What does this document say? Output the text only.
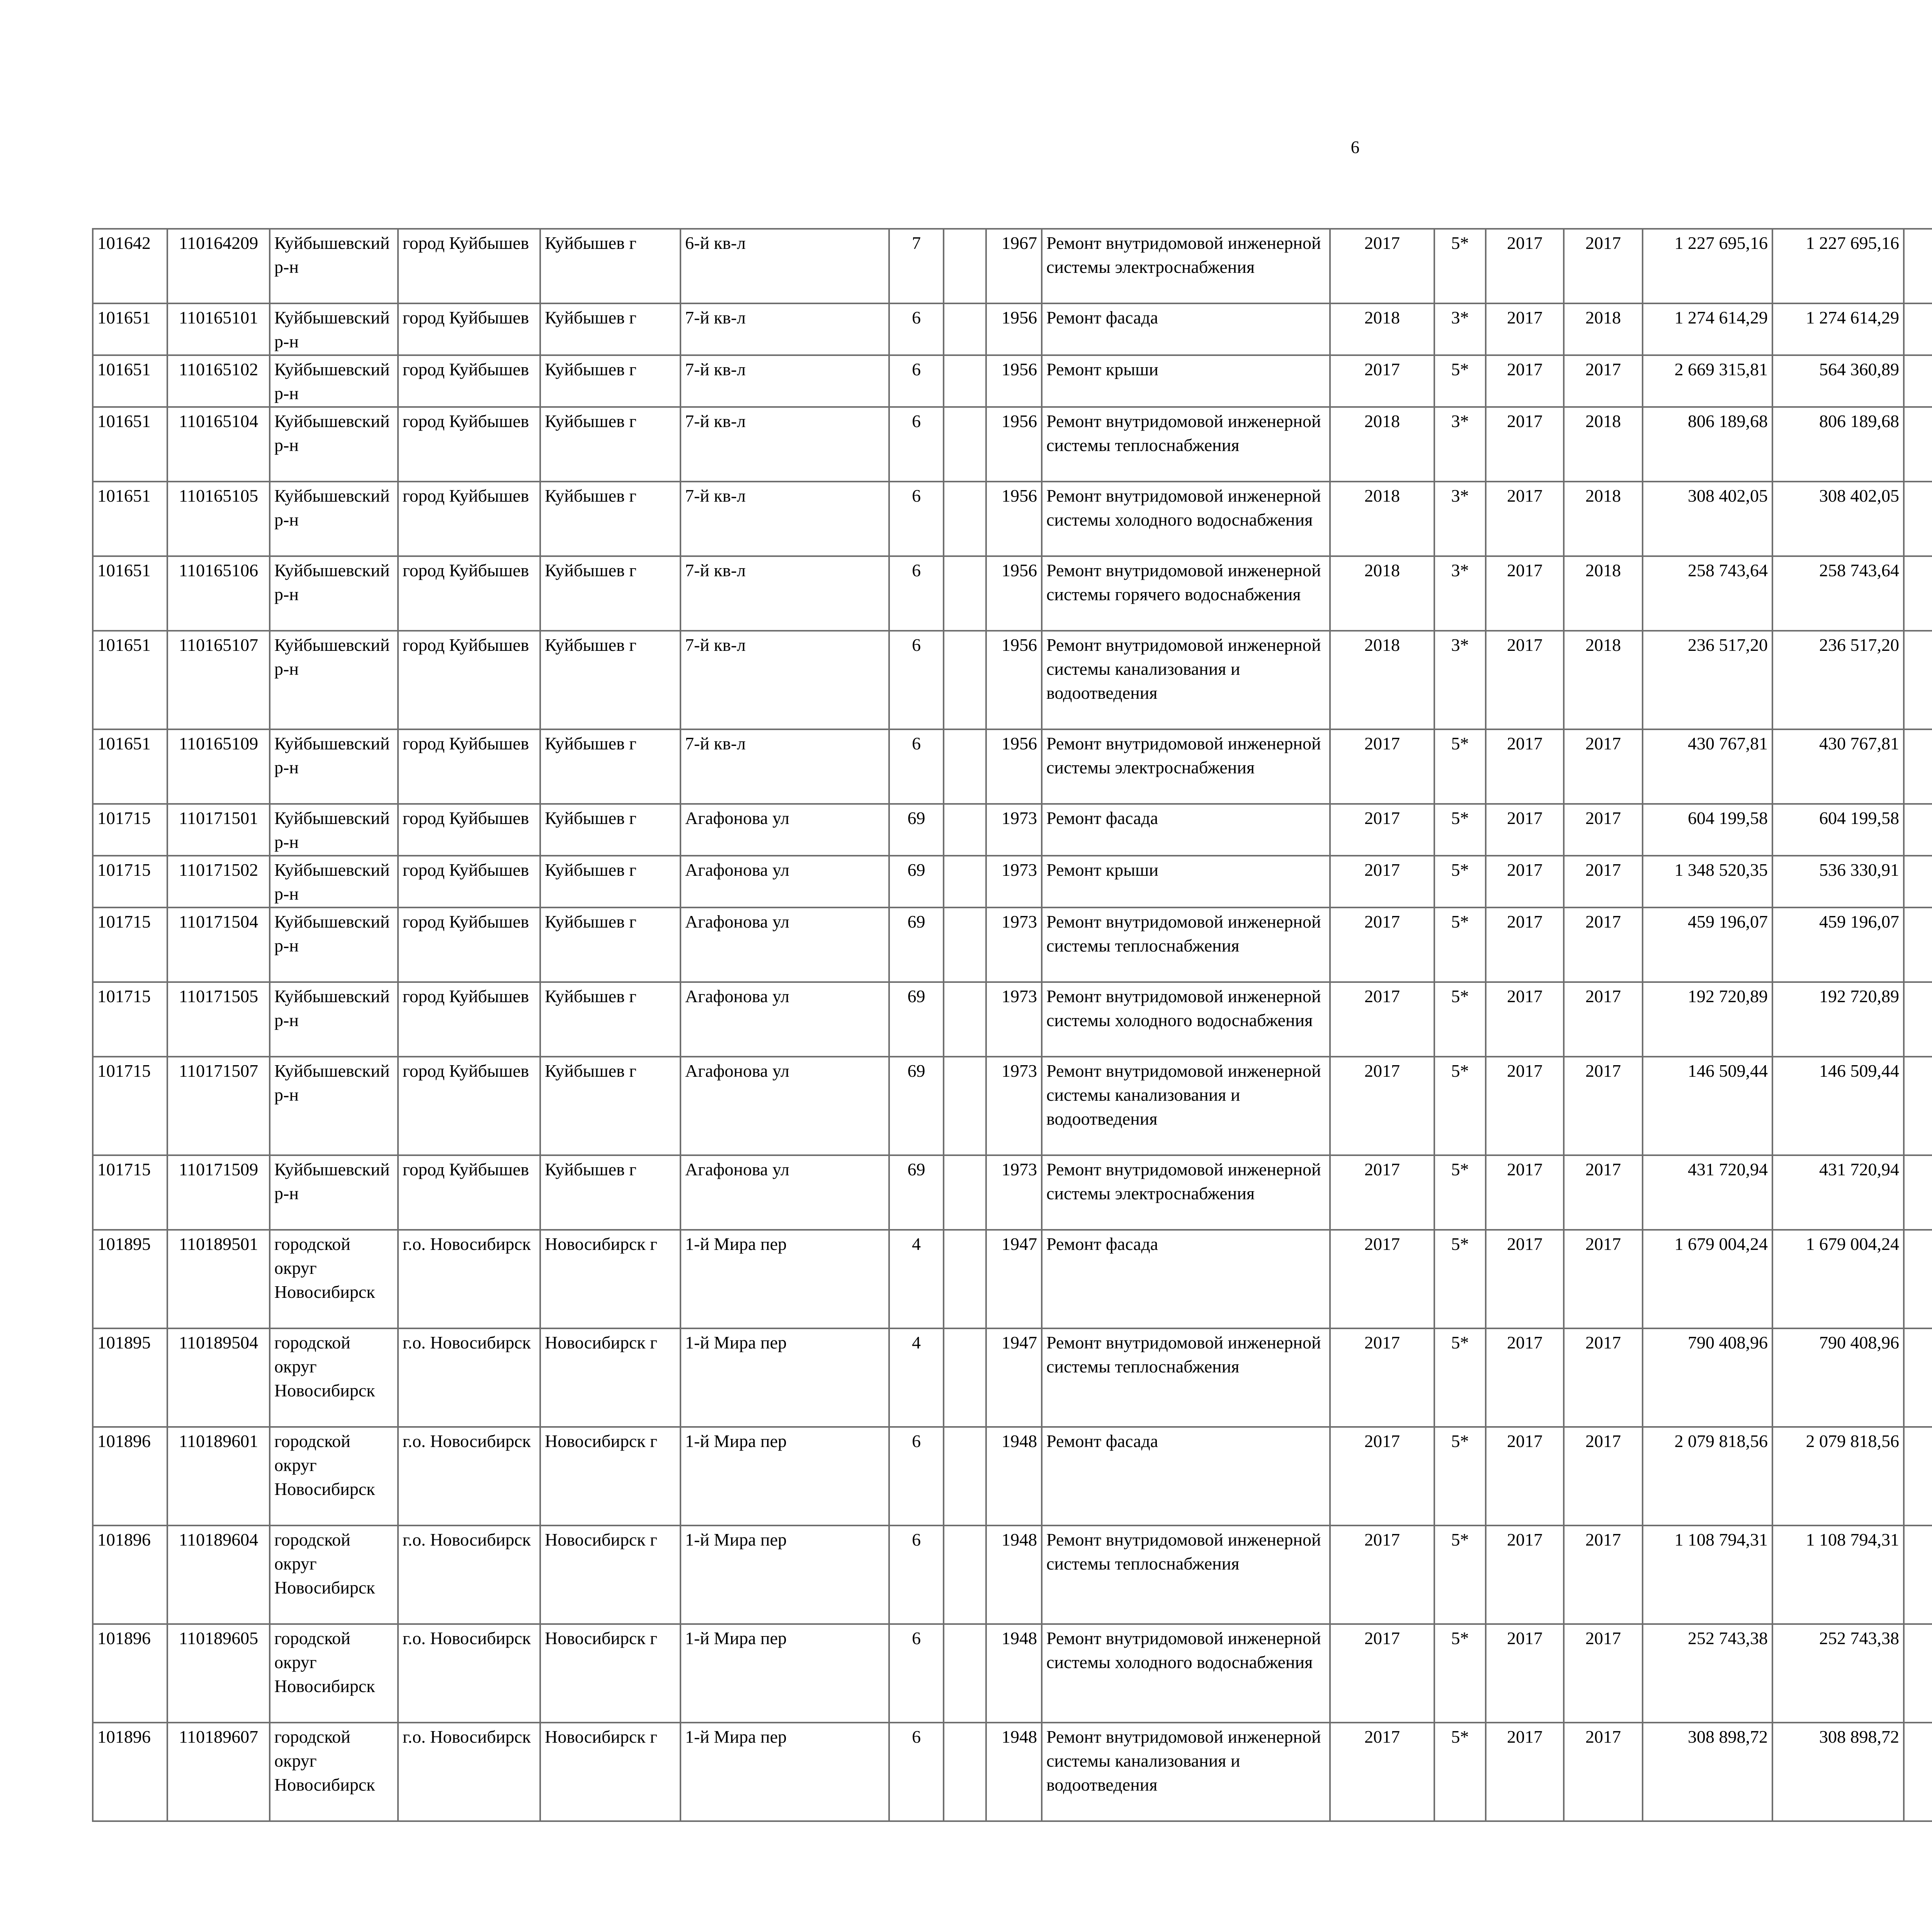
6
101642	110164209	Куйбышевский р-н	город Куйбышев	Куйбышев г	6-й кв-л	7		1967	Ремонт внутридомовой инженерной системы электроснабжения	2017	5*	2017	2017	1 227 695,16	1 227 695,16						
101651	110165101	Куйбышевский р-н	город Куйбышев	Куйбышев г	7-й кв-л	6		1956	Ремонт фасада	2018	3*	2017	2018	1 274 614,29	1 274 614,29						
101651	110165102	Куйбышевский р-н	город Куйбышев	Куйбышев г	7-й кв-л	6		1956	Ремонт крыши	2017	5*	2017	2017	2 669 315,81	564 360,89						
101651	110165104	Куйбышевский р-н	город Куйбышев	Куйбышев г	7-й кв-л	6		1956	Ремонт внутридомовой инженерной системы теплоснабжения	2018	3*	2017	2018	806 189,68	806 189,68						
101651	110165105	Куйбышевский р-н	город Куйбышев	Куйбышев г	7-й кв-л	6		1956	Ремонт внутридомовой инженерной системы холодного водоснабжения	2018	3*	2017	2018	308 402,05	308 402,05						
101651	110165106	Куйбышевский р-н	город Куйбышев	Куйбышев г	7-й кв-л	6		1956	Ремонт внутридомовой инженерной системы горячего водоснабжения	2018	3*	2017	2018	258 743,64	258 743,64						
101651	110165107	Куйбышевский р-н	город Куйбышев	Куйбышев г	7-й кв-л	6		1956	Ремонт внутридомовой инженерной системы канализования и водоотведения	2018	3*	2017	2018	236 517,20	236 517,20						
101651	110165109	Куйбышевский р-н	город Куйбышев	Куйбышев г	7-й кв-л	6		1956	Ремонт внутридомовой инженерной системы электроснабжения	2017	5*	2017	2017	430 767,81	430 767,81						
101715	110171501	Куйбышевский р-н	город Куйбышев	Куйбышев г	Агафонова ул	69		1973	Ремонт фасада	2017	5*	2017	2017	604 199,58	604 199,58						
101715	110171502	Куйбышевский р-н	город Куйбышев	Куйбышев г	Агафонова ул	69		1973	Ремонт крыши	2017	5*	2017	2017	1 348 520,35	536 330,91						
101715	110171504	Куйбышевский р-н	город Куйбышев	Куйбышев г	Агафонова ул	69		1973	Ремонт внутридомовой инженерной системы теплоснабжения	2017	5*	2017	2017	459 196,07	459 196,07						
101715	110171505	Куйбышевский р-н	город Куйбышев	Куйбышев г	Агафонова ул	69		1973	Ремонт внутридомовой инженерной системы холодного водоснабжения	2017	5*	2017	2017	192 720,89	192 720,89						
101715	110171507	Куйбышевский р-н	город Куйбышев	Куйбышев г	Агафонова ул	69		1973	Ремонт внутридомовой инженерной системы канализования и водоотведения	2017	5*	2017	2017	146 509,44	146 509,44						
101715	110171509	Куйбышевский р-н	город Куйбышев	Куйбышев г	Агафонова ул	69		1973	Ремонт внутридомовой инженерной системы электроснабжения	2017	5*	2017	2017	431 720,94	431 720,94						
101895	110189501	городской округ Новосибирск	г.о. Новосибирск	Новосибирск г	1-й Мира пер	4		1947	Ремонт фасада	2017	5*	2017	2017	1 679 004,24	1 679 004,24						
101895	110189504	городской округ Новосибирск	г.о. Новосибирск	Новосибирск г	1-й Мира пер	4		1947	Ремонт внутридомовой инженерной системы теплоснабжения	2017	5*	2017	2017	790 408,96	790 408,96						
101896	110189601	городской округ Новосибирск	г.о. Новосибирск	Новосибирск г	1-й Мира пер	6		1948	Ремонт фасада	2017	5*	2017	2017	2 079 818,56	2 079 818,56						
101896	110189604	городской округ Новосибирск	г.о. Новосибирск	Новосибирск г	1-й Мира пер	6		1948	Ремонт внутридомовой инженерной системы теплоснабжения	2017	5*	2017	2017	1 108 794,31	1 108 794,31						
101896	110189605	городской округ Новосибирск	г.о. Новосибирск	Новосибирск г	1-й Мира пер	6		1948	Ремонт внутридомовой инженерной системы холодного водоснабжения	2017	5*	2017	2017	252 743,38	252 743,38						
101896	110189607	городской округ Новосибирск	г.о. Новосибирск	Новосибирск г	1-й Мира пер	6		1948	Ремонт внутридомовой инженерной системы канализования и водоотведения	2017	5*	2017	2017	308 898,72	308 898,72						
